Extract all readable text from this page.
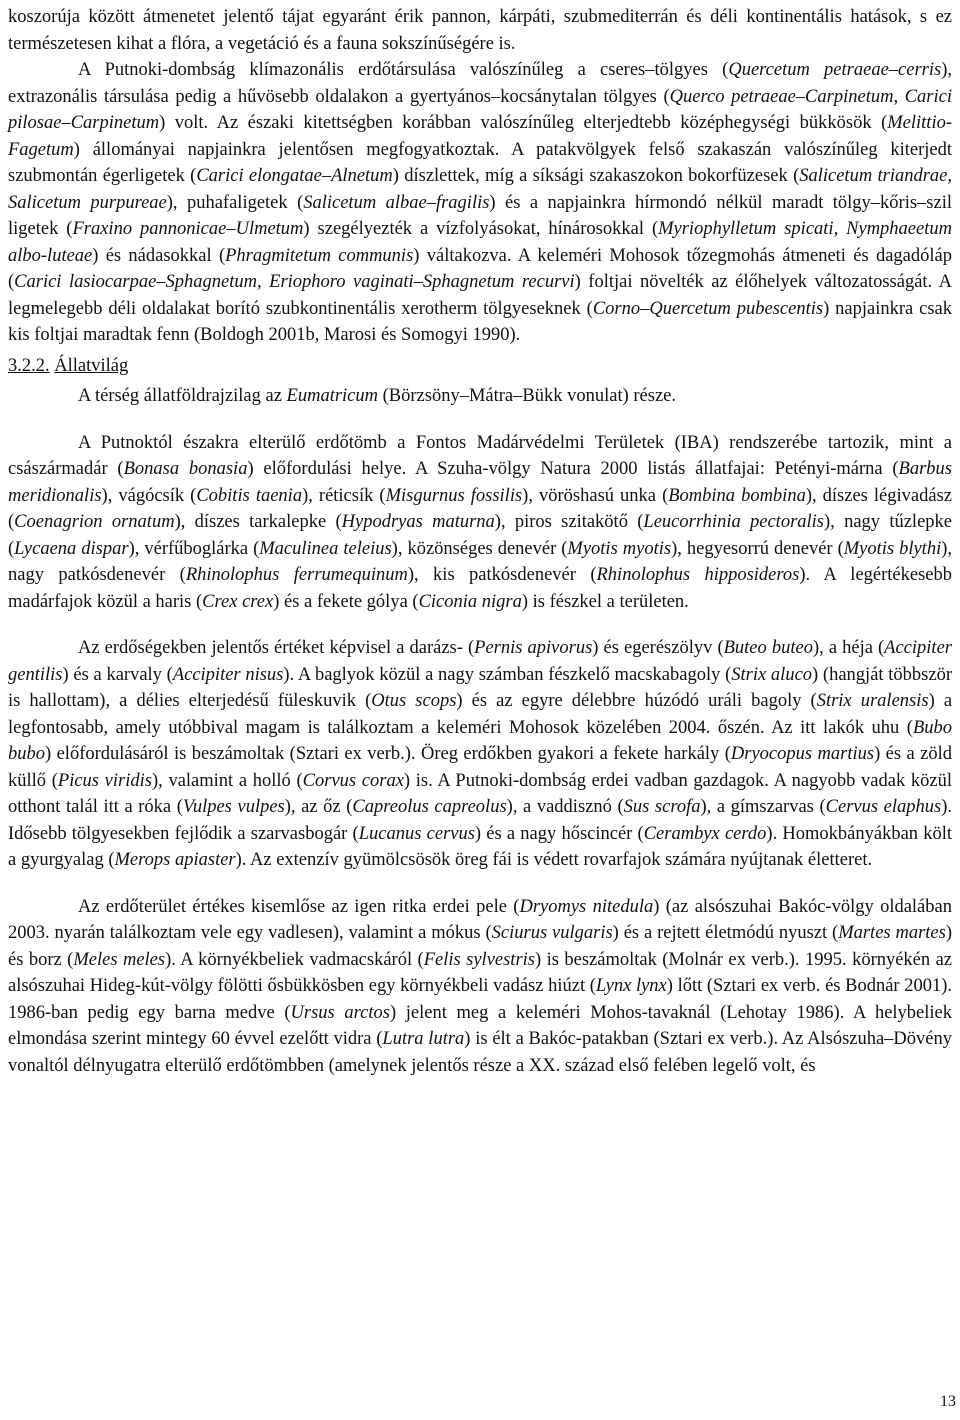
koszorúja között átmenetet jelentő tájat egyaránt érik pannon, kárpáti, szubmediterrán és déli kontinentális hatások, s ez természetesen kihat a flóra, a vegetáció és a fauna sokszínűségére is.

A Putnoki-dombság klímazonális erdőtársulása valószínűleg a cseres–tölgyes (Quercetum petraeae–cerris), extrazonális társulása pedig a hűvösebb oldalakon a gyertyános–kocsánytalan tölgyes (Querco petraeae–Carpinetum, Carici pilosae–Carpinetum) volt. Az északi kitettségben korábban valószínűleg elterjedtebb középhegységi bükkösök (Melittio-Fagetum) állományai napjainkra jelentősen megfogyatkoztak. A patakvölgyek felső szakaszán valószínűleg kiterjedt szubmontán égerligetek (Carici elongatae–Alnetum) díszlettek, míg a síksági szakaszokon bokorfüzesek (Salicetum triandrae, Salicetum purpureae), puhafaligetek (Salicetum albae–fragilis) és a napjainkra hírmondó nélkül maradt tölgy–kőris–szil ligetek (Fraxino pannonicae–Ulmetum) szegélyezték a vízfolyásokat, hínárosokkal (Myriophylletum spicati, Nymphaeetum albo-luteae) és nádasokkal (Phragmitetum communis) váltakozva. A keleméri Mohosok tőzegmohás átmeneti és dagadóláp (Carici lasiocarpae–Sphagnetum, Eriophoro vaginati–Sphagnetum recurvi) foltjai növelték az élőhelyek változatosságát. A legmelegebb déli oldalakat borító szubkontinentális xerotherm tölgyeseknek (Corno–Quercetum pubescentis) napjainkra csak kis foltjai maradtak fenn (Boldogh 2001b, Marosi és Somogyi 1990).

3.2.2. Állatvilág

A térség állatföldrajzilag az Eumatricum (Börzsöny–Mátra–Bükk vonulat) része.

A Putnoktól északra elterülő erdőtömb a Fontos Madárvédelmi Területek (IBA) rendszerébe tartozik, mint a császármadár (Bonasa bonasia) előfordulási helye. A Szuha-völgy Natura 2000 listás állatfajai: Petényi-márna (Barbus meridionalis), vágócsík (Cobitis taenia), réticsík (Misgurnus fossilis), vöröshasú unka (Bombina bombina), díszes légivadász (Coenagrion ornatum), díszes tarkalepke (Hypodryas maturna), piros szitakötő (Leucorrhinia pectoralis), nagy tűzlepke (Lycaena dispar), vérfűboglárka (Maculinea teleius), közönséges denevér (Myotis myotis), hegyesorrú denevér (Myotis blythi), nagy patkósdenevér (Rhinolophus ferrumequinum), kis patkósdenevér (Rhinolophus hipposideros). A legértékesebb madárfajok közül a haris (Crex crex) és a fekete gólya (Ciconia nigra) is fészkel a területen.

Az erdőségekben jelentős értéket képvisel a darázs- (Pernis apivorus) és egerészölyv (Buteo buteo), a héja (Accipiter gentilis) és a karvaly (Accipiter nisus). A baglyok közül a nagy számban fészkelő macskabagoly (Strix aluco) (hangját többször is hallottam), a délies elterjedésű füleskuvik (Otus scops) és az egyre délebbre húzódó uráli bagoly (Strix uralensis) a legfontosabb, amely utóbbival magam is találkoztam a keleméri Mohosok közelében 2004. őszén. Az itt lakók uhu (Bubo bubo) előfordulásáról is beszámoltak (Sztari ex verb.). Öreg erdőkben gyakori a fekete harkály (Dryocopus martius) és a zöld küllő (Picus viridis), valamint a holló (Corvus corax) is. A Putnoki-dombság erdei vadban gazdagok. A nagyobb vadak közül otthont talál itt a róka (Vulpes vulpes), az őz (Capreolus capreolus), a vaddisznó (Sus scrofa), a gímszarvas (Cervus elaphus). Idősebb tölgyesekben fejlődik a szarvasbogár (Lucanus cervus) és a nagy hőscincér (Cerambyx cerdo). Homokbányákban költ a gyurgyalag (Merops apiaster). Az extenzív gyümölcsösök öreg fái is védett rovarfajok számára nyújtanak életteret.

Az erdőterület értékes kisemlőse az igen ritka erdei pele (Dryomys nitedula) (az alsószuhai Bakóc-völgy oldalában 2003. nyarán találkoztam vele egy vadlesen), valamint a mókus (Sciurus vulgaris) és a rejtett életmódú nyuszt (Martes martes) és borz (Meles meles). A környékbeliek vadmacskáról (Felis sylvestris) is beszámoltak (Molnár ex verb.). 1995. környékén az alsószuhai Hideg-kút-völgy fölötti ősbükkösben egy környékbeli vadász hiúzt (Lynx lynx) lőtt (Sztari ex verb. és Bodnár 2001). 1986-ban pedig egy barna medve (Ursus arctos) jelent meg a keleméri Mohos-tavaknál (Lehotay 1986). A helybeliek elmondása szerint mintegy 60 évvel ezelőtt vidra (Lutra lutra) is élt a Bakóc-patakban (Sztari ex verb.). Az Alsószuha–Dövény vonaltól délnyugatra elterülő erdőtömbben (amelynek jelentős része a XX. század első felében legelő volt, és

13
